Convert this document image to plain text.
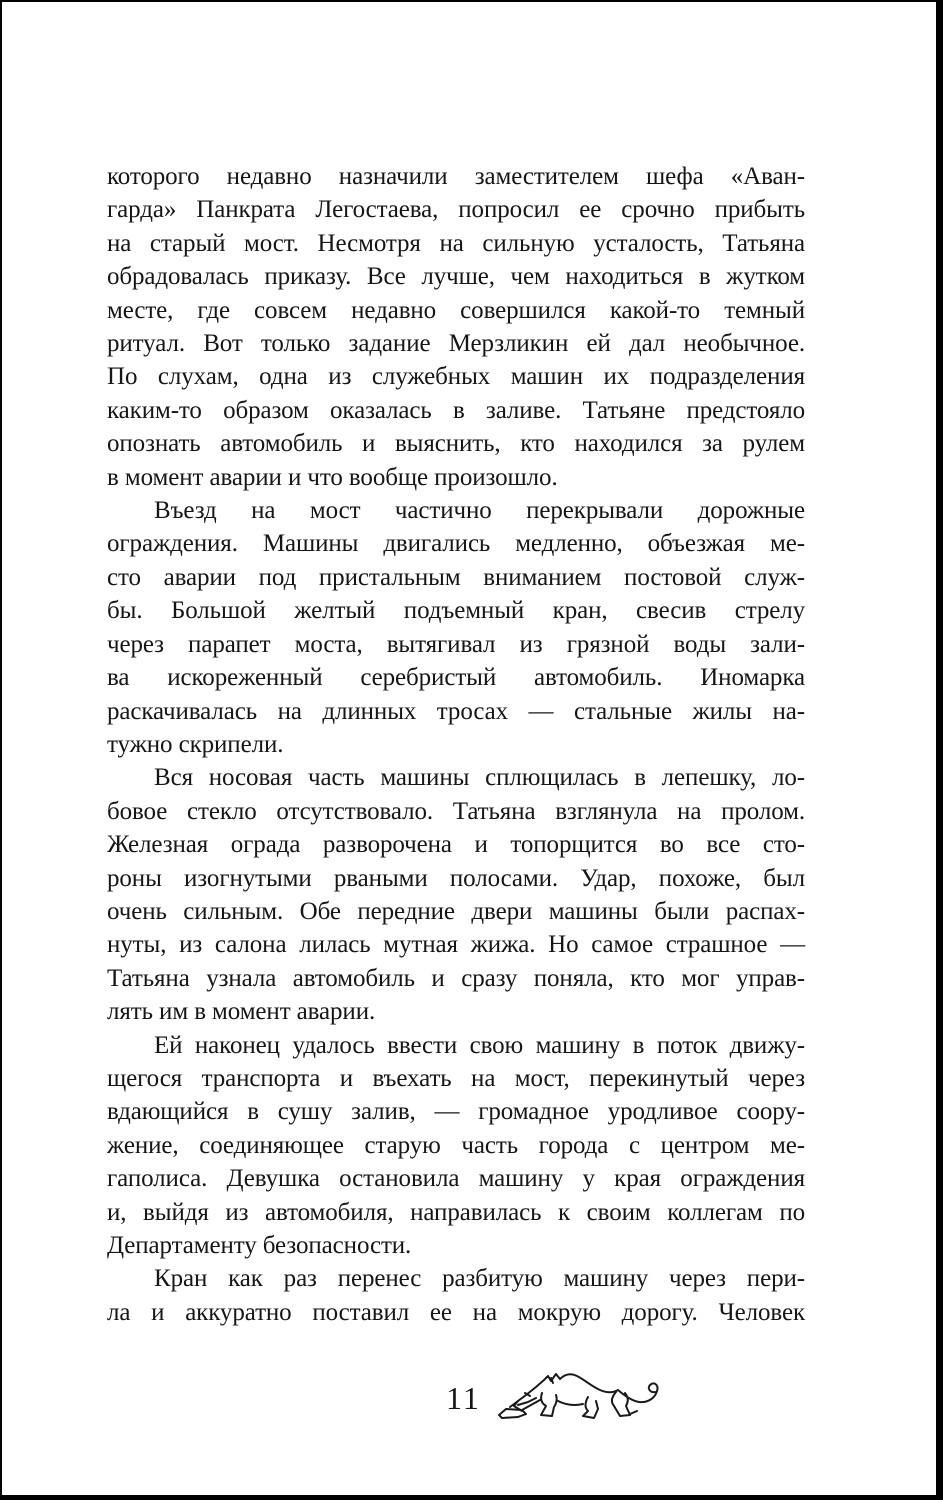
которого недавно назначили заместителем шефа «Аван-
гарда» Панкрата Легостаева, попросил ее срочно прибыть
на старый мост. Несмотря на сильную усталость, Татьяна
обрадовалась приказу. Все лучше, чем находиться в жутком
месте, где совсем недавно совершился какой-то темный
ритуал. Вот только задание Мерзликин ей дал необычное.
По слухам, одна из служебных машин их подразделения
каким-то образом оказалась в заливе. Татьяне предстояло
опознать автомобиль и выяснить, кто находился за рулем
в момент аварии и что вообще произошло.
Въезд на мост частично перекрывали дорожные
ограждения. Машины двигались медленно, объезжая ме-
сто аварии под пристальным вниманием постовой служ-
бы. Большой желтый подъемный кран, свесив стрелу
через парапет моста, вытягивал из грязной воды зали-
ва искореженный серебристый автомобиль. Иномарка
раскачивалась на длинных тросах — стальные жилы на-
тужно скрипели.
Вся носовая часть машины сплющилась в лепешку, ло-
бовое стекло отсутствовало. Татьяна взглянула на пролом.
Железная ограда разворочена и топорщится во все сто-
роны изогнутыми рваными полосами. Удар, похоже, был
очень сильным. Обе передние двери машины были распах-
нуты, из салона лилась мутная жижа. Но самое страшное —
Татьяна узнала автомобиль и сразу поняла, кто мог управ-
лять им в момент аварии.
Ей наконец удалось ввести свою машину в поток движу-
щегося транспорта и въехать на мост, перекинутый через
вдающийся в сушу залив, — громадное уродливое соору-
жение, соединяющее старую часть города с центром ме-
гаполиса. Девушка остановила машину у края ограждения
и, выйдя из автомобиля, направилась к своим коллегам по
Департаменту безопасности.
Кран как раз перенес разбитую машину через пери-
ла и аккуратно поставил ее на мокрую дорогу. Человек
11
